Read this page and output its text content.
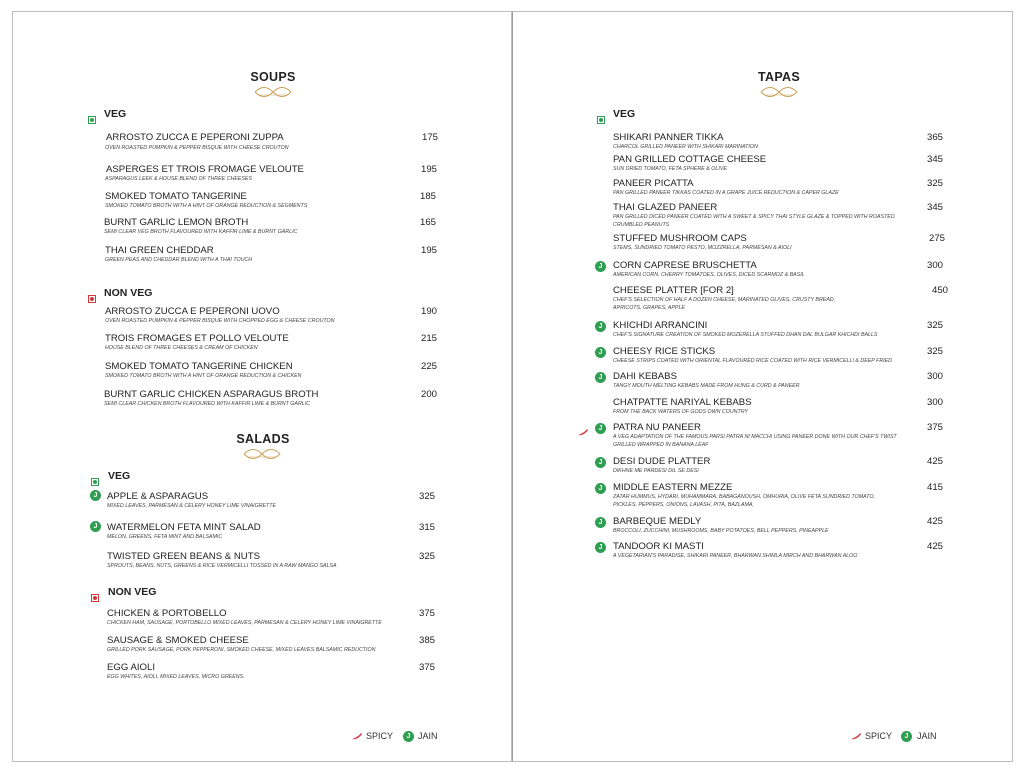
SOUPS
VEG
ARROSTO ZUCCA E PEPERONI ZUPPA
OVEN ROASTED PUMPKIN & PEPPER BISQUE WITH CHEESE CROUTON
175
ASPERGES ET TROIS FROMAGE VELOUTE
ASPARAGUS LEEK & HOUSE BLEND OF THREE CHEESES
195
SMOKED TOMATO TANGERINE
SMOKED TOMATO BROTH WITH A HINT OF ORANGE REDUCTION & SEGMENTS
185
BURNT GARLIC LEMON BROTH
SEMI CLEAR VEG BROTH FLAVOURED WITH KAFFIR LIME & BURNT GARLIC
165
THAI GREEN CHEDDAR
GREEN PEAS AND CHEDDAR BLEND WITH A THAI TOUCH
195
NON VEG
ARROSTO ZUCCA E PEPERONI UOVO
OVEN ROASTED PUMPKIN & PEPPER BISQUE WITH CHOPPED EGG & CHEESE CROUTON
190
TROIS FROMAGES ET POLLO VELOUTE
HOUSE BLEND OF THREE CHEESES & CREAM OF CHICKEN
215
SMOKED TOMATO TANGERINE CHICKEN
SMOKED TOMATO BROTH WITH A HINT OF ORANGE REDUCTION & CHICKEN
225
BURNT GARLIC CHICKEN ASPARAGUS BROTH
SEMI CLEAR CHICKEN BROTH FLAVOURED WITH KAFFIR LIME & BURNT GARLIC
200
SALADS
VEG
J APPLE & ASPARAGUS
MIXED LEAVES, PARMESAN & CELERY HONEY LIME VINAIGRETTE
325
J WATERMELON FETA MINT SALAD
MELON, GREENS, FETA MINT AND BALSAMIC
315
TWISTED GREEN BEANS & NUTS
SPROUTS, BEANS, NUTS, GREENS & RICE VERMICELLI TOSSED IN A RAW MANGO SALSA
325
NON VEG
CHICKEN & PORTOBELLO
CHICKEN HAM, SAUSAGE, PORTOBELLO MIXED LEAVES, PARMESAN & CELERY HONEY LIME VINAIGRETTE
375
SAUSAGE & SMOKED CHEESE
GRILLED PORK SAUSAGE, PORK PEPPERONI, SMOKED CHEESE, MIXED LEAVES BALSAMIC REDUCTION
385
EGG AIOLI
EGG WHITES, AIOLI, MIXED LEAVES, MICRO GREENS.
375
SPICY	J JAIN
TAPAS
VEG
SHIKARI PANNER TIKKA
CHARCOL GRILLED PANEER WITH SHIKARI MARINATION
365
PAN GRILLED COTTAGE CHEESE
SUN DRIED TOMATO, FETA SPHERE & OLIVE
345
PANEER PICATTA
PAN GRILLED PANEER TIKKAS COATED IN A GRAPE JUICE REDUCTION & CAPER GLAZE
325
THAI GLAZED PANEER
PAN GRILLED DICED PANEER COATED WITH A SWEET & SPICY THAI STYLE GLAZE & TOPPED WITH ROASTED
CRUMBLED PEANUTS
345
STUFFED MUSHROOM CAPS
STEMS, SUNDRIED TOMATO PESTO, MOZZRELLA, PARMESAN & AIOLI
275
J	CORN CAPRESE BRUSCHETTA
AMERICAN CORN, CHERRY TOMATOES, OLIVES, DICED SCARMOZ & BASIL
300
CHEESE PLATTER [FOR 2]
CHEF'S SELECTION OF HALF A DOZEN CHEESE, MARINATED OLIVES, CRUSTY BREAD,
APRICOTS, GRAPES, APPLE
450
J	KHICHDI ARRANCINI
CHEF'S SIGNATURE CREATION OF SMOKED MOZERELLA STUFFED DHAN DAL BULGAR KHICHDI BALLS
325
J	CHEESY RICE STICKS
CHEESE STRIPS COATED WITH ORIENTAL FLAVOURED RICE COATED WITH RICE VERMICELLI & DEEP FRIED
325
J	DAHI KEBABS
TANGY MOUTH MELTING KEBABS MADE FROM HUNG & CURD & PANEER
300
CHATPATTE NARIYAL KEBABS
FROM THE BACK WATERS OF GODS OWN COUNTRY
300
J	PATRA NU PANEER
A VEG ADAPTATION OF THE FAMOUS PARSI PATRA NI MACCHI USING PANEER DONE WITH OUR CHEF'S TWIST
GRILLED WRAPPED IN BANANA LEAF
375
J	DESI DUDE PLATTER
DIKHNE ME PARDESI DIL SE DESI
425
J	MIDDLE EASTERN MEZZE
ZATAR HUMMUS, HYDARI, MUHAMMARA, BABAGANOUSH, OMHURIA, OLIVE FETA SUNDRIED TOMATO,
PICKLES, PEPPERS, ONIONS, LAVASH, PITA, BAZLAMA,
415
J	BARBEQUE MEDLY
BROCCOLI, ZUCCHINI, MUSHROOMS, BABY POTATOES, BELL PEPPERS, PINEAPPLE
425
J	TANDOOR KI MASTI
A VEGETARIAN'S PARADISE, SHIKARI PANEER, BHARWAN SHIMLA MIRCH AND BHARWAN ALOO
425
SPICY	J JAIN
